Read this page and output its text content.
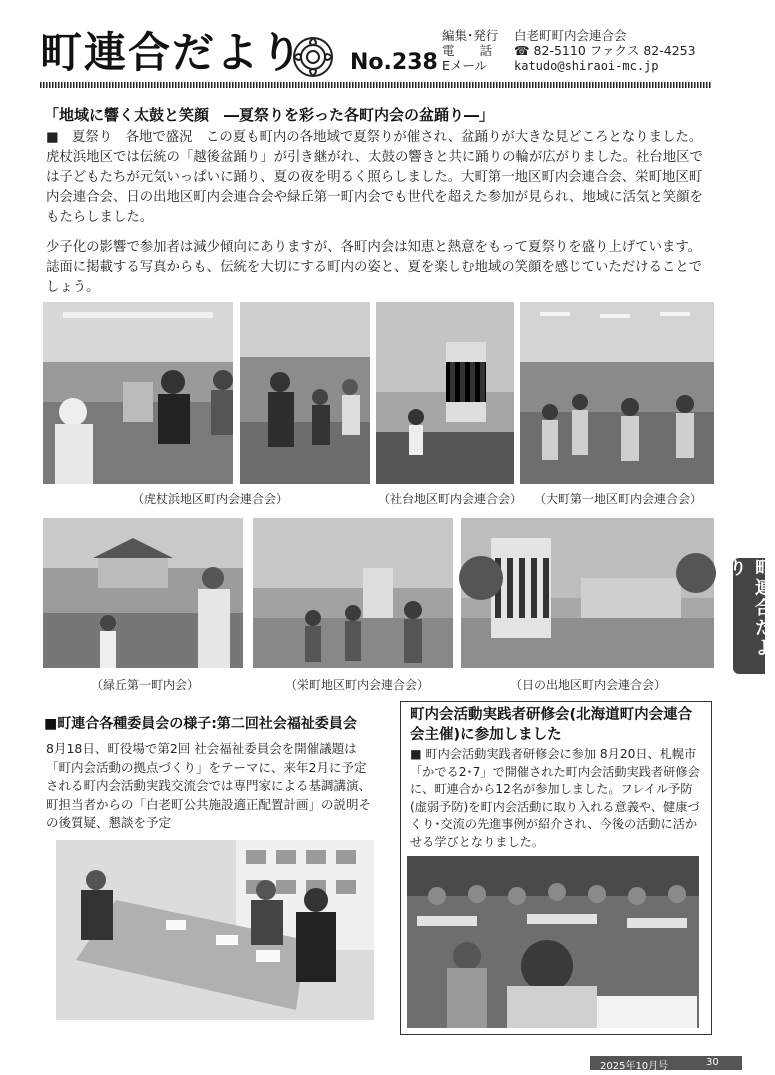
町連合だより No.238
編集･発行 白老町町内会連合会
電　　話 ☎ 82-5110 ファクス 82-4253
Eメール katudo@shiraoi-mc.jp
「地域に響く太鼓と笑顔　―夏祭りを彩った各町内会の盆踊り―」
■　夏祭り　各地で盛況　この夏も町内の各地域で夏祭りが催され、盆踊りが大きな見どころとなりました。虎杖浜地区では伝統の「越後盆踊り」が引き継がれ、太鼓の響きと共に踊りの輪が広がりました。社台地区では子どもたちが元気いっぱいに踊り、夏の夜を明るく照らしました。大町第一地区町内会連合会、栄町地区町内会連合会、日の出地区町内会連合会や緑丘第一町内会でも世代を超えた参加が見られ、地域に活気と笑顔をもたらしました。
少子化の影響で参加者は減少傾向にありますが、各町内会は知恵と熱意をもって夏祭りを盛り上げています。誌面に掲載する写真からも、伝統を大切にする町内の姿と、夏を楽しむ地域の笑顔を感じていただけることでしょう。
（虎杖浜地区町内会連合会）	（社台地区町内会連合会） （大町第一地区町内会連合会）
（緑丘第一町内会）	（栄町地区町内会連合会）	（日の出地区町内会連合会）
町連合だより
■町連合各種委員会の様子:第二回社会福祉委員会
8月18日、町役場で第2回 社会福祉委員会を開催議題は「町内会活動の拠点づくり」をテーマに、来年2月に予定される町内会活動実践交流会では専門家による基調講演、町担当者からの「白老町公共施設適正配置計画」の説明その後質疑、懇談を予定
町内会活動実践者研修会(北海道町内会連合会主催)に参加しました
■ 町内会活動実践者研修会に参加 8月20日、札幌市「かでる2･7」で開催された町内会活動実践者研修会に、町連合から12名が参加しました。フレイル予防(虚弱予防)を町内会活動に取り入れる意義や、健康づくり･交流の先進事例が紹介され、今後の活動に活かせる学びとなりました。
2025年10月号	30
